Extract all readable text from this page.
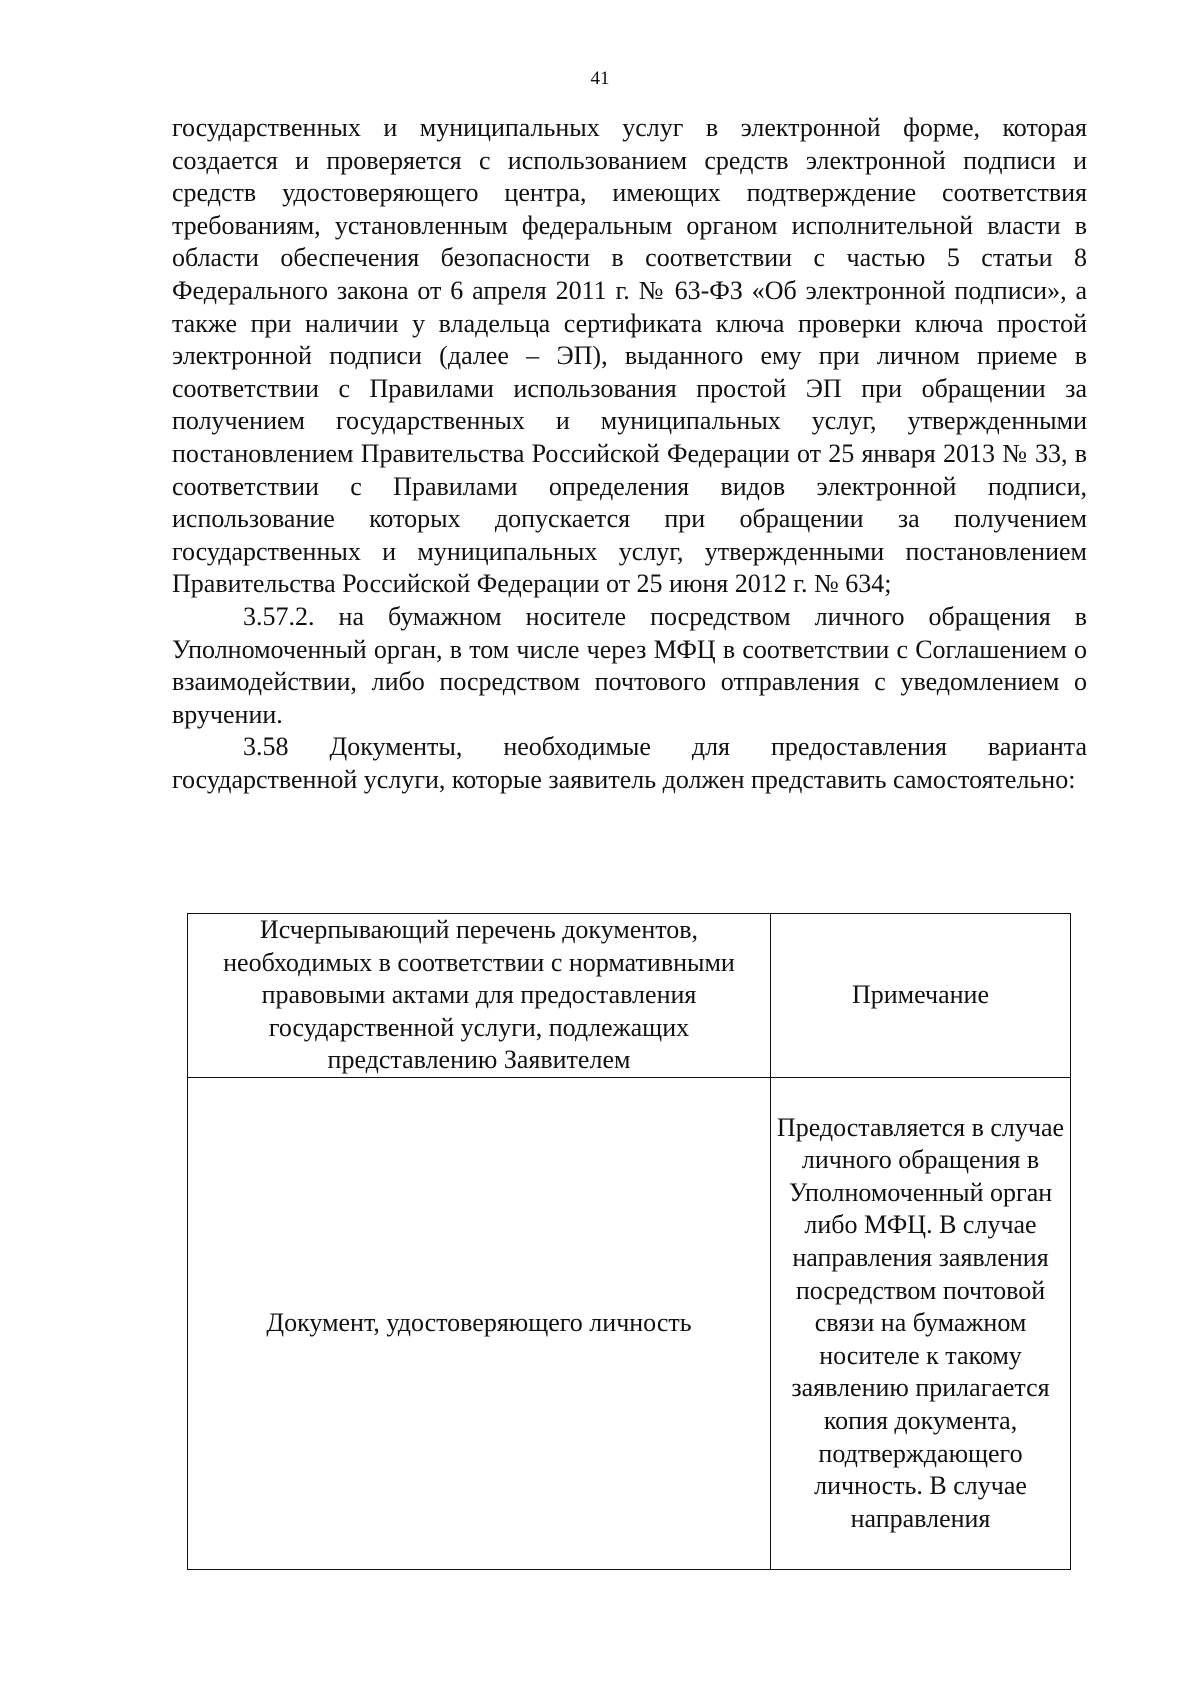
41

государственных и муниципальных услуг в электронной форме, которая создается и проверяется с использованием средств электронной подписи и средств удостоверяющего центра, имеющих подтверждение соответствия требованиям, установленным федеральным органом исполнительной власти в области обеспечения безопасности в соответствии с частью 5 статьи 8 Федерального закона от 6 апреля 2011 г. № 63-ФЗ «Об электронной подписи», а также при наличии у владельца сертификата ключа проверки ключа простой электронной подписи (далее – ЭП), выданного ему при личном приеме в соответствии с Правилами использования простой ЭП при обращении за получением государственных и муниципальных услуг, утвержденными постановлением Правительства Российской Федерации от 25 января 2013 № 33, в соответствии с Правилами определения видов электронной подписи, использование которых допускается при обращении за получением государственных и муниципальных услуг, утвержденными постановлением Правительства Российской Федерации от 25 июня 2012 г. № 634;

3.57.2. на бумажном носителе посредством личного обращения в Уполномоченный орган, в том числе через МФЦ в соответствии с Соглашением о взаимодействии, либо посредством почтового отправления с уведомлением о вручении.

3.58 Документы, необходимые для предоставления варианта государственной услуги, которые заявитель должен представить самостоятельно:

Исчерпывающий перечень документов, необходимых в соответствии с нормативными правовыми актами для предоставления государственной услуги, подлежащих представлению Заявителем	Примечание

Документ, удостоверяющего личность	Предоставляется в случае личного обращения в Уполномоченный орган либо МФЦ. В случае направления заявления посредством почтовой связи на бумажном носителе к такому заявлению прилагается копия документа, подтверждающего личность. В случае направления
